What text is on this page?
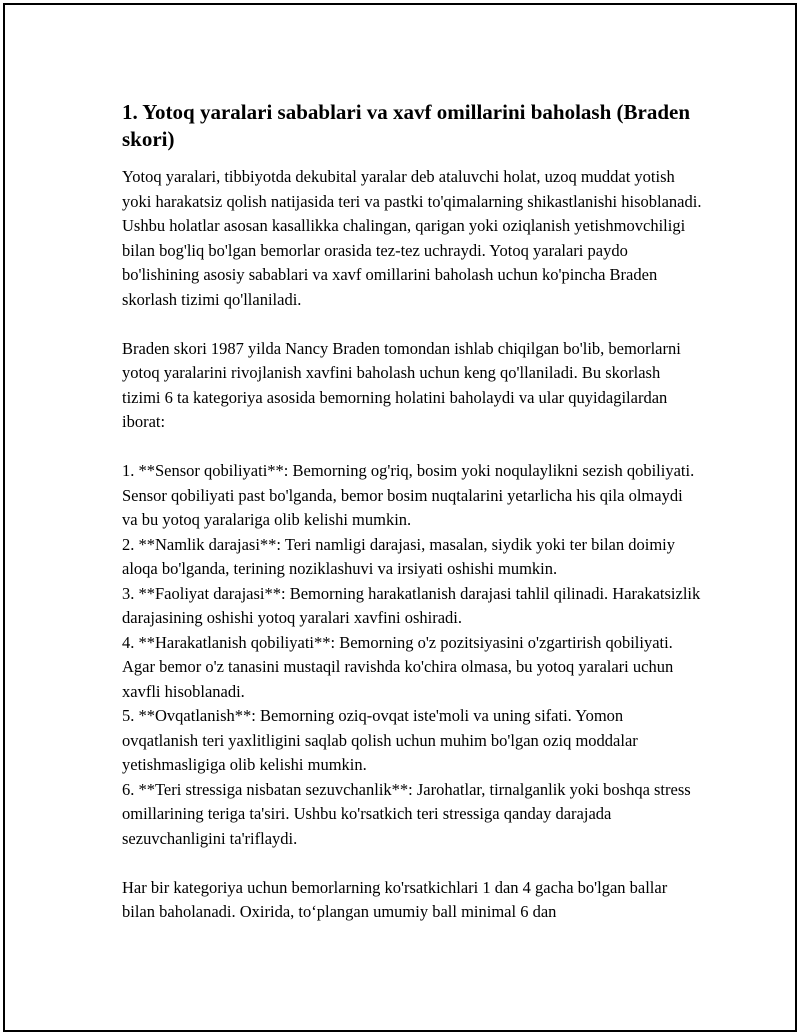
1. Yotoq yaralari sabablari va xavf omillarini baholash (Braden skori)

Yotoq yaralari, tibbiyotda dekubital yaralar deb ataluvchi holat, uzoq muddat yotish yoki harakatsiz qolish natijasida teri va pastki to'qimalarning shikastlanishi hisoblanadi. Ushbu holatlar asosan kasallikka chalingan, qarigan yoki oziqlanish yetishmovchiligi bilan bog'liq bo'lgan bemorlar orasida tez-tez uchraydi. Yotoq yaralari paydo bo'lishining asosiy sabablari va xavf omillarini baholash uchun ko'pincha Braden skorlash tizimi qo'llaniladi.

Braden skori 1987 yilda Nancy Braden tomondan ishlab chiqilgan bo'lib, bemorlarni yotoq yaralarini rivojlanish xavfini baholash uchun keng qo'llaniladi. Bu skorlash tizimi 6 ta kategoriya asosida bemorning holatini baholaydi va ular quyidagilardan iborat:

1. **Sensor qobiliyati**: Bemorning og'riq, bosim yoki noqulaylikni sezish qobiliyati. Sensor qobiliyati past bo'lganda, bemor bosim nuqtalarini yetarlicha his qila olmaydi va bu yotoq yaralariga olib kelishi mumkin.

2. **Namlik darajasi**: Teri namligi darajasi, masalan, siydik yoki ter bilan doimiy aloqa bo'lganda, terining noziklashuvi va irsiyati oshishi mumkin.

3. **Faoliyat darajasi**: Bemorning harakatlanish darajasi tahlil qilinadi. Harakatsizlik darajasining oshishi yotoq yaralari xavfini oshiradi.

4. **Harakatlanish qobiliyati**: Bemorning o'z pozitsiyasini o'zgartirish qobiliyati. Agar bemor o'z tanasini mustaqil ravishda ko'chira olmasa, bu yotoq yaralari uchun xavfli hisoblanadi.

5. **Ovqatlanish**: Bemorning oziq-ovqat iste'moli va uning sifati. Yomon ovqatlanish teri yaxlitligini saqlab qolish uchun muhim bo'lgan oziq moddalar yetishmasligiga olib kelishi mumkin.

6. **Teri stressiga nisbatan sezuvchanlik**: Jarohatlar, tirnalganlik yoki boshqa stress omillarining teriga ta'siri. Ushbu ko'rsatkich teri stressiga qanday darajada sezuvchanligini ta'riflaydi.

Har bir kategoriya uchun bemorlarning ko'rsatkichlari 1 dan 4 gacha bo'lgan ballar bilan baholanadi. Oxirida, to‘plangan umumiy ball minimal 6 dan
